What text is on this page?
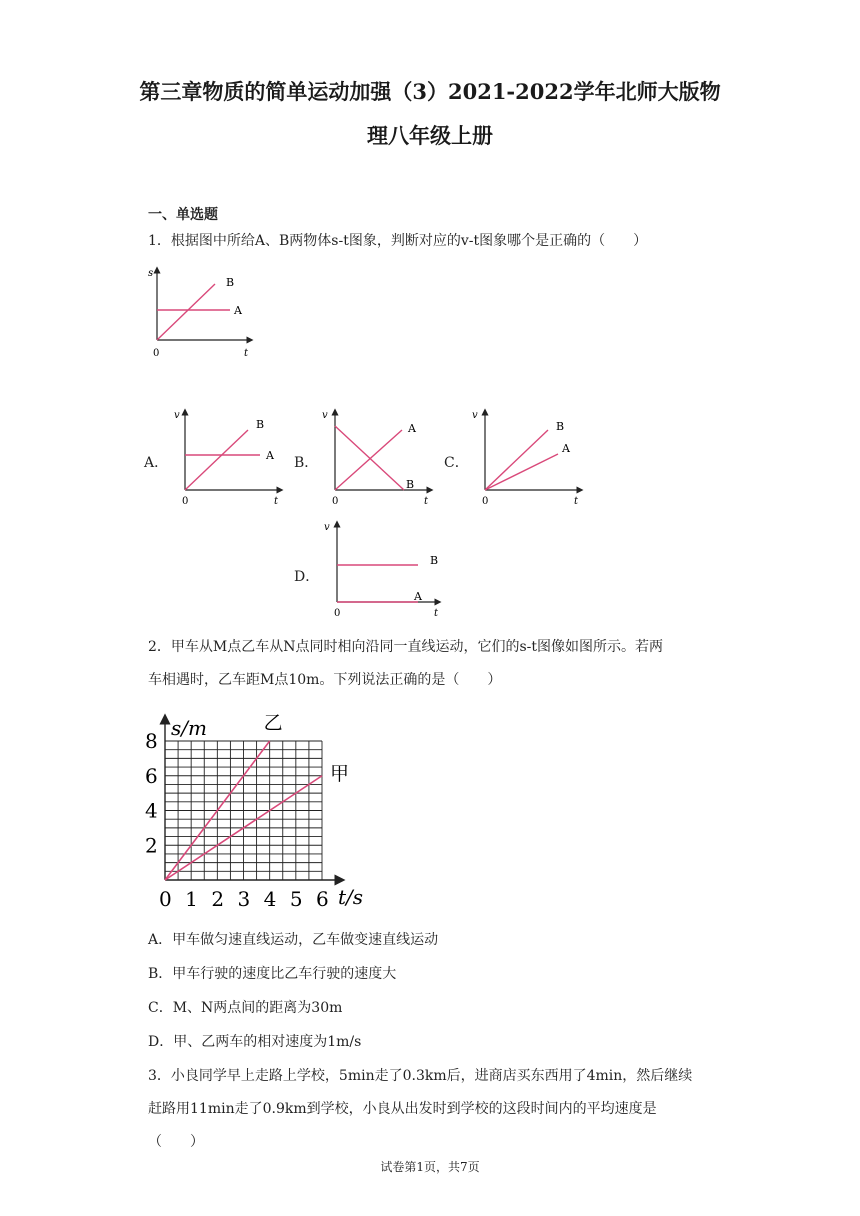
第三章物质的简单运动加强（3）2021-2022学年北师大版物
理八年级上册
一、单选题
1．根据图中所给A、B两物体s-t图象，判断对应的v-t图象哪个是正确的（　　）
s
t
0
A
B
A．
v
t
0
A
B
B．
v
t
0
A
B
C．
v
t
0
A
B
D．
v
t
0
A
B
2．甲车从M点乙车从N点同时相向沿同一直线运动，它们的s-t图像如图所示。若两
车相遇时，乙车距M点10m。下列说法正确的是（　　）
乙
甲
0 1 2 3 4 5 6
2
4
6
8
s/m
t/s
A．甲车做匀速直线运动，乙车做变速直线运动
B．甲车行驶的速度比乙车行驶的速度大
C．M、N两点间的距离为30m
D．甲、乙两车的相对速度为1m/s
3．小良同学早上走路上学校，5min走了0.3km后，进商店买东西用了4min，然后继续
赶路用11min走了0.9km到学校，小良从出发时到学校的这段时间内的平均速度是
（　　）
试卷第1页，共7页
